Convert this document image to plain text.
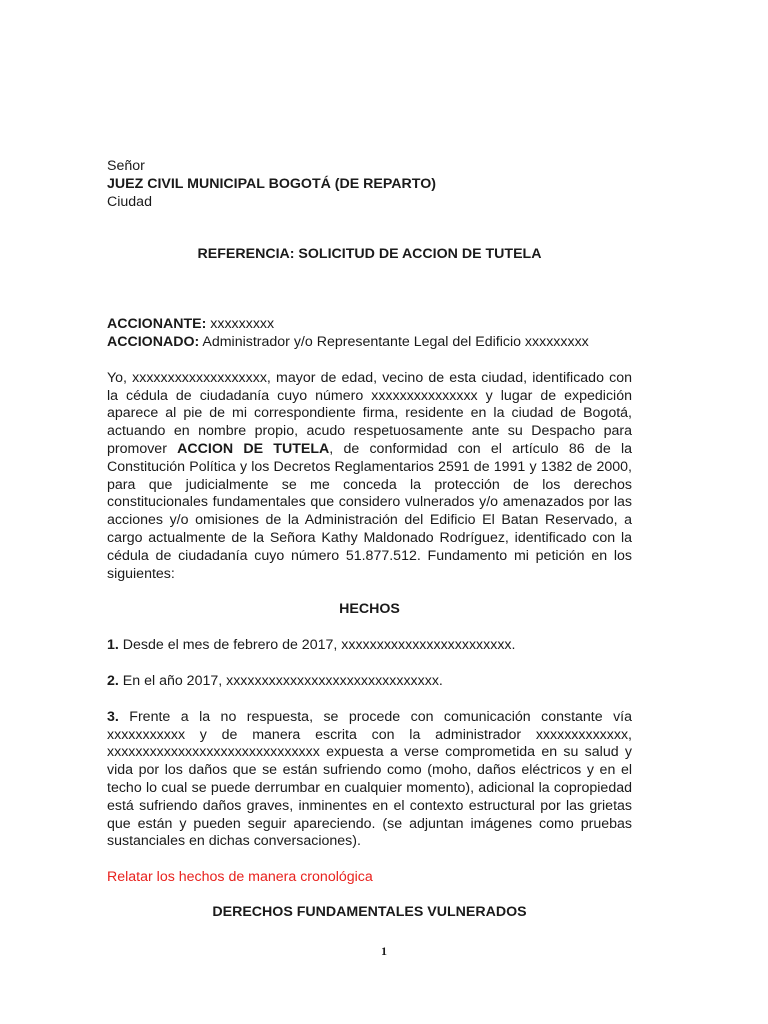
Señor
JUEZ CIVIL MUNICIPAL BOGOTÁ (DE REPARTO)
Ciudad

REFERENCIA: SOLICITUD DE ACCION DE TUTELA

ACCIONANTE: xxxxxxxxx
ACCIONADO: Administrador y/o Representante Legal del Edificio xxxxxxxxx

Yo, xxxxxxxxxxxxxxxxxxx, mayor de edad, vecino de esta ciudad, identificado con la cédula de ciudadanía cuyo número xxxxxxxxxxxxxxx y lugar de expedición aparece al pie de mi correspondiente firma, residente en la ciudad de Bogotá, actuando en nombre propio, acudo respetuosamente ante su Despacho para promover ACCION DE TUTELA, de conformidad con el artículo 86 de la Constitución Política y los Decretos Reglamentarios 2591 de 1991 y 1382 de 2000, para que judicialmente se me conceda la protección de los derechos constitucionales fundamentales que considero vulnerados y/o amenazados por las acciones y/o omisiones de la Administración del Edificio El Batan Reservado, a cargo actualmente de la Señora Kathy Maldonado Rodríguez, identificado con la cédula de ciudadanía cuyo número 51.877.512. Fundamento mi petición en los siguientes:

HECHOS

1. Desde el mes de febrero de 2017, xxxxxxxxxxxxxxxxxxxxxxxx.

2. En el año 2017, xxxxxxxxxxxxxxxxxxxxxxxxxxxxxx.

3. Frente a la no respuesta, se procede con comunicación constante vía xxxxxxxxxxx y de manera escrita con la administrador xxxxxxxxxxxxx, xxxxxxxxxxxxxxxxxxxxxxxxxxxxxx expuesta a verse comprometida en su salud y vida por los daños que se están sufriendo como (moho, daños eléctricos y en el techo lo cual se puede derrumbar en cualquier momento), adicional la copropiedad está sufriendo daños graves, inminentes en el contexto estructural por las grietas que están y pueden seguir apareciendo. (se adjuntan imágenes como pruebas sustanciales en dichas conversaciones).

Relatar los hechos de manera cronológica

DERECHOS FUNDAMENTALES VULNERADOS

1
